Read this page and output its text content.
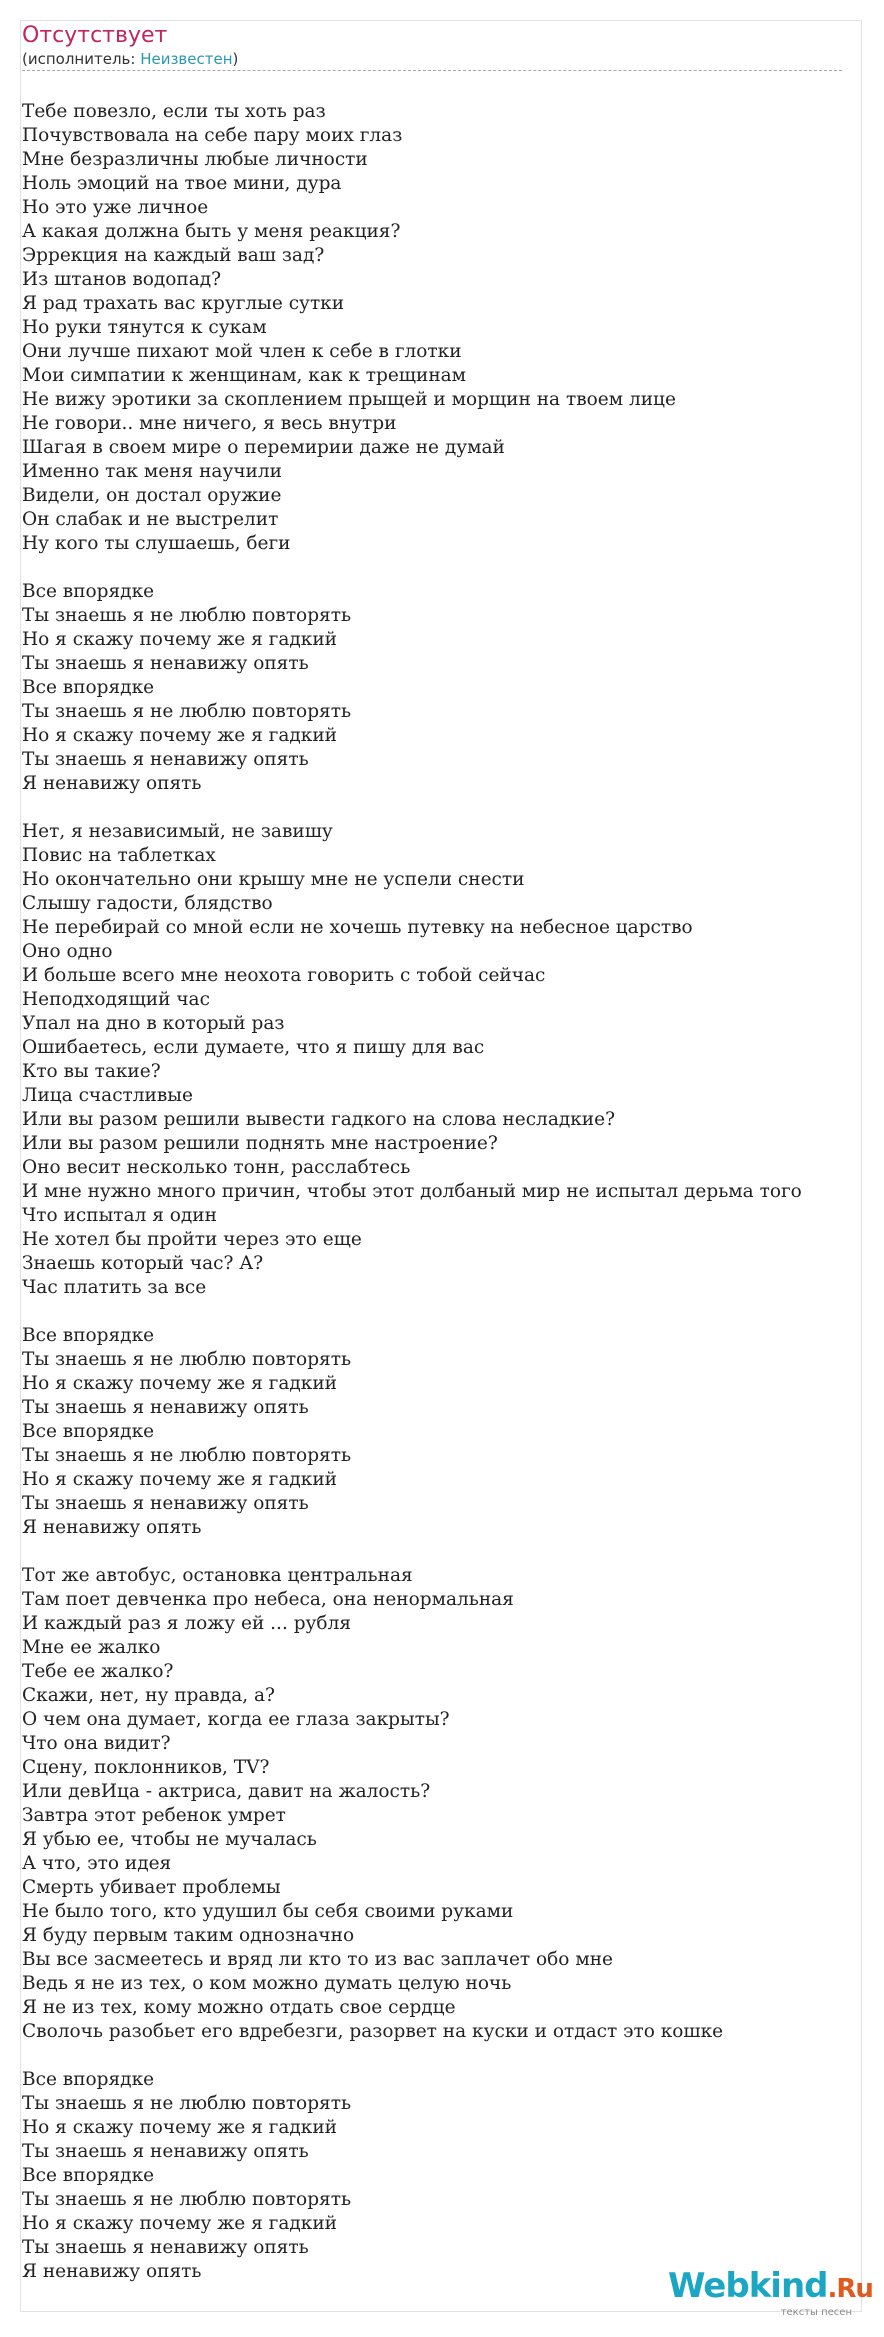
Отсутствует
(исполнитель: Неизвестен)
Тебе повезло, если ты хоть раз
Почувствовала на себе пару моих глаз
Мне безразличны любые личности
Ноль эмоций на твое мини, дура
Но это уже личное
А какая должна быть у меня реакция?
Эррекция на каждый ваш зад?
Из штанов водопад?
Я рад трахать вас круглые сутки
Но руки тянутся к сукам
Они лучше пихают мой член к себе в глотки
Мои симпатии к женщинам, как к трещинам
Не вижу эротики за скоплением прыщей и морщин на твоем лице
Не говори.. мне ничего, я весь внутри
Шагая в своем мире о перемирии даже не думай
Именно так меня научили
Видели, он достал оружие
Он слабак и не выстрелит
Ну кого ты слушаешь, беги
Все впорядке
Ты знаешь я не люблю повторять
Но я скажу почему же я гадкий
Ты знаешь я ненавижу опять
Все впорядке
Ты знаешь я не люблю повторять
Но я скажу почему же я гадкий
Ты знаешь я ненавижу опять
Я ненавижу опять
Нет, я независимый, не завишу
Повис на таблетках
Но окончательно они крышу мне не успели снести
Слышу гадости, блядство
Не перебирай со мной если не хочешь путевку на небесное царство
Оно одно
И больше всего мне неохота говорить с тобой сейчас
Неподходящий час
Упал на дно в который раз
Ошибаетесь, если думаете, что я пишу для вас
Кто вы такие?
Лица счастливые
Или вы разом решили вывести гадкого на слова несладкие?
Или вы разом решили поднять мне настроение?
Оно весит несколько тонн, расслабтесь
И мне нужно много причин, чтобы этот долбаный мир не испытал дерьма того
Что испытал я один
Не хотел бы пройти через это еще
Знаешь который час? А?
Час платить за все
Все впорядке
Ты знаешь я не люблю повторять
Но я скажу почему же я гадкий
Ты знаешь я ненавижу опять
Все впорядке
Ты знаешь я не люблю повторять
Но я скажу почему же я гадкий
Ты знаешь я ненавижу опять
Я ненавижу опять
Тот же автобус, остановка центральная
Там поет девченка про небеса, она ненормальная
И каждый раз я ложу ей ... рубля
Мне ее жалко
Тебе ее жалко?
Скажи, нет, ну правда, а?
О чем она думает, когда ее глаза закрыты?
Что она видит?
Сцену, поклонников, TV?
Или девИца - актриса, давит на жалость?
Завтра этот ребенок умрет
Я убью ее, чтобы не мучалась
А что, это идея
Смерть убивает проблемы
Не было того, кто удушил бы себя своими руками
Я буду первым таким однозначно
Вы все засмеетесь и вряд ли кто то из вас заплачет обо мне
Ведь я не из тех, о ком можно думать целую ночь
Я не из тех, кому можно отдать свое сердце
Сволочь разобьет его вдребезги, разорвет на куски и отдаст это кошке
Все впорядке
Ты знаешь я не люблю повторять
Но я скажу почему же я гадкий
Ты знаешь я ненавижу опять
Все впорядке
Ты знаешь я не люблю повторять
Но я скажу почему же я гадкий
Ты знаешь я ненавижу опять
Я ненавижу опять	Webkind.Ru
тексты песен
